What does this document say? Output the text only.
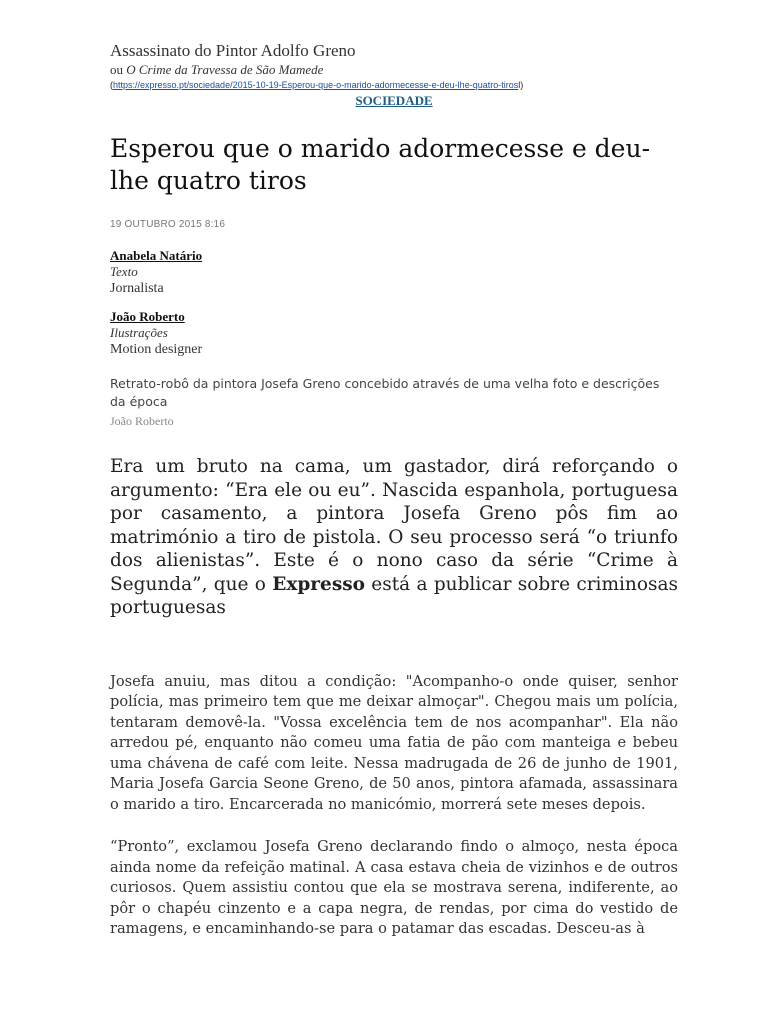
Assassinato do Pintor Adolfo Greno
ou O Crime da Travessa de São Mamede
(https://expresso.pt/sociedade/2015-10-19-Esperou-que-o-marido-adormecesse-e-deu-lhe-quatro-tirosl)
SOCIEDADE
Esperou que o marido adormecesse e deu-lhe quatro tiros
19 OUTUBRO 2015 8:16
Anabela Natário
Texto
Jornalista
João Roberto
Ilustrações
Motion designer
Retrato-robô da pintora Josefa Greno concebido através de uma velha foto e descrições da época
João Roberto
Era um bruto na cama, um gastador, dirá reforçando o argumento: “Era ele ou eu”. Nascida espanhola, portuguesa por casamento, a pintora Josefa Greno pôs fim ao matrimónio a tiro de pistola. O seu processo será “o triunfo dos alienistas”. Este é o nono caso da série “Crime à Segunda”, que o Expresso está a publicar sobre criminosas portuguesas

Josefa anuiu, mas ditou a condição: "Acompanho-o onde quiser, senhor polícia, mas primeiro tem que me deixar almoçar". Chegou mais um polícia, tentaram demovê-la. "Vossa excelência tem de nos acompanhar". Ela não arredou pé, enquanto não comeu uma fatia de pão com manteiga e bebeu uma chávena de café com leite. Nessa madrugada de 26 de junho de 1901, Maria Josefa Garcia Seone Greno, de 50 anos, pintora afamada, assassinara o marido a tiro. Encarcerada no manicómio, morrerá sete meses depois.

“Pronto”, exclamou Josefa Greno declarando findo o almoço, nesta época ainda nome da refeição matinal. A casa estava cheia de vizinhos e de outros curiosos. Quem assistiu contou que ela se mostrava serena, indiferente, ao pôr o chapéu cinzento e a capa negra, de rendas, por cima do vestido de ramagens, e encaminhando-se para o patamar das escadas. Desceu-as à
